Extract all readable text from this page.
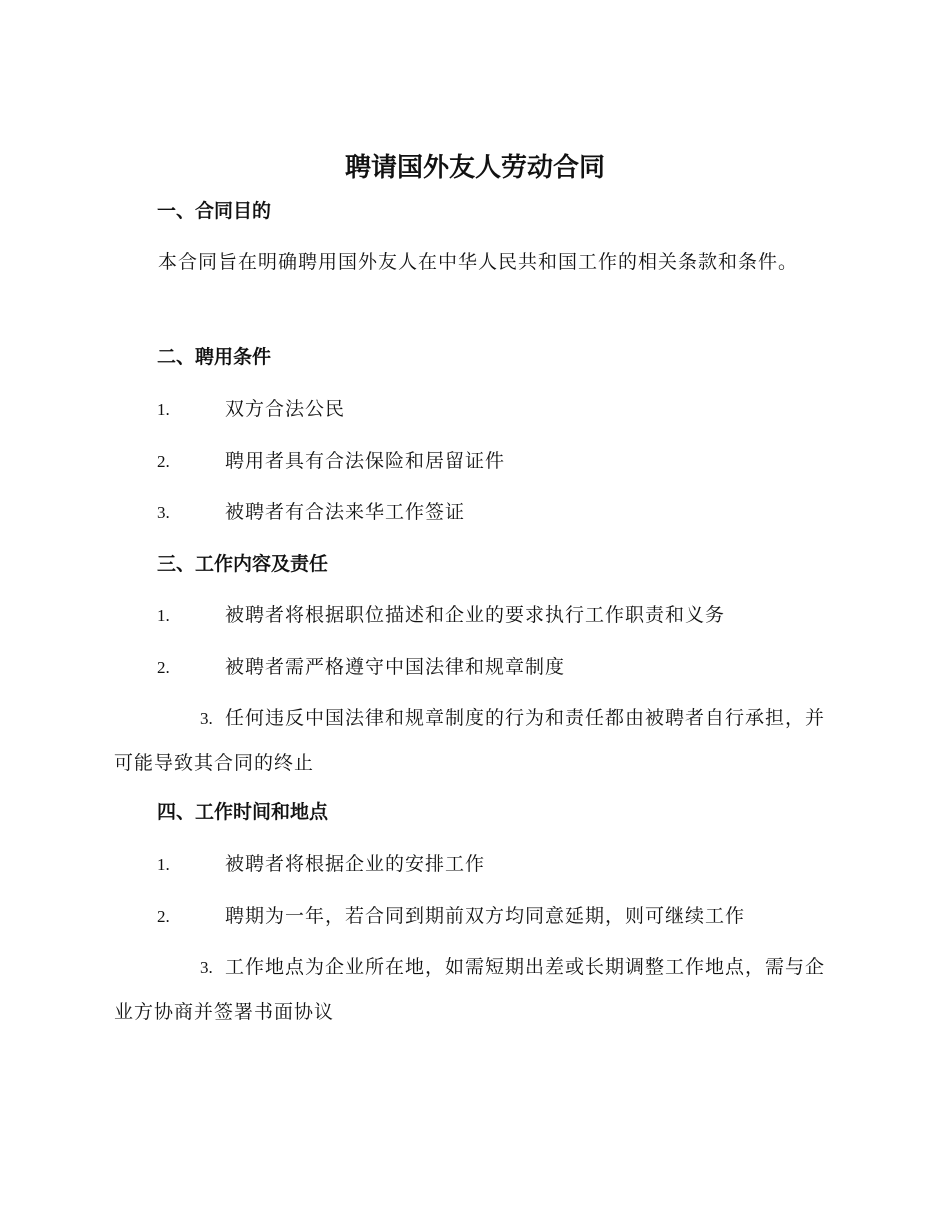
聘请国外友人劳动合同
一、合同目的
本合同旨在明确聘用国外友人在中华人民共和国工作的相关条款和条件。
二、聘用条件
1.	双方合法公民
2.	聘用者具有合法保险和居留证件
3.	被聘者有合法来华工作签证
三、工作内容及责任
1.	被聘者将根据职位描述和企业的要求执行工作职责和义务
2.	被聘者需严格遵守中国法律和规章制度
3. 任何违反中国法律和规章制度的行为和责任都由被聘者自行承担，并可能导致其合同的终止
四、工作时间和地点
1.	被聘者将根据企业的安排工作
2.	聘期为一年，若合同到期前双方均同意延期，则可继续工作
3. 工作地点为企业所在地，如需短期出差或长期调整工作地点，需与企业方协商并签署书面协议
